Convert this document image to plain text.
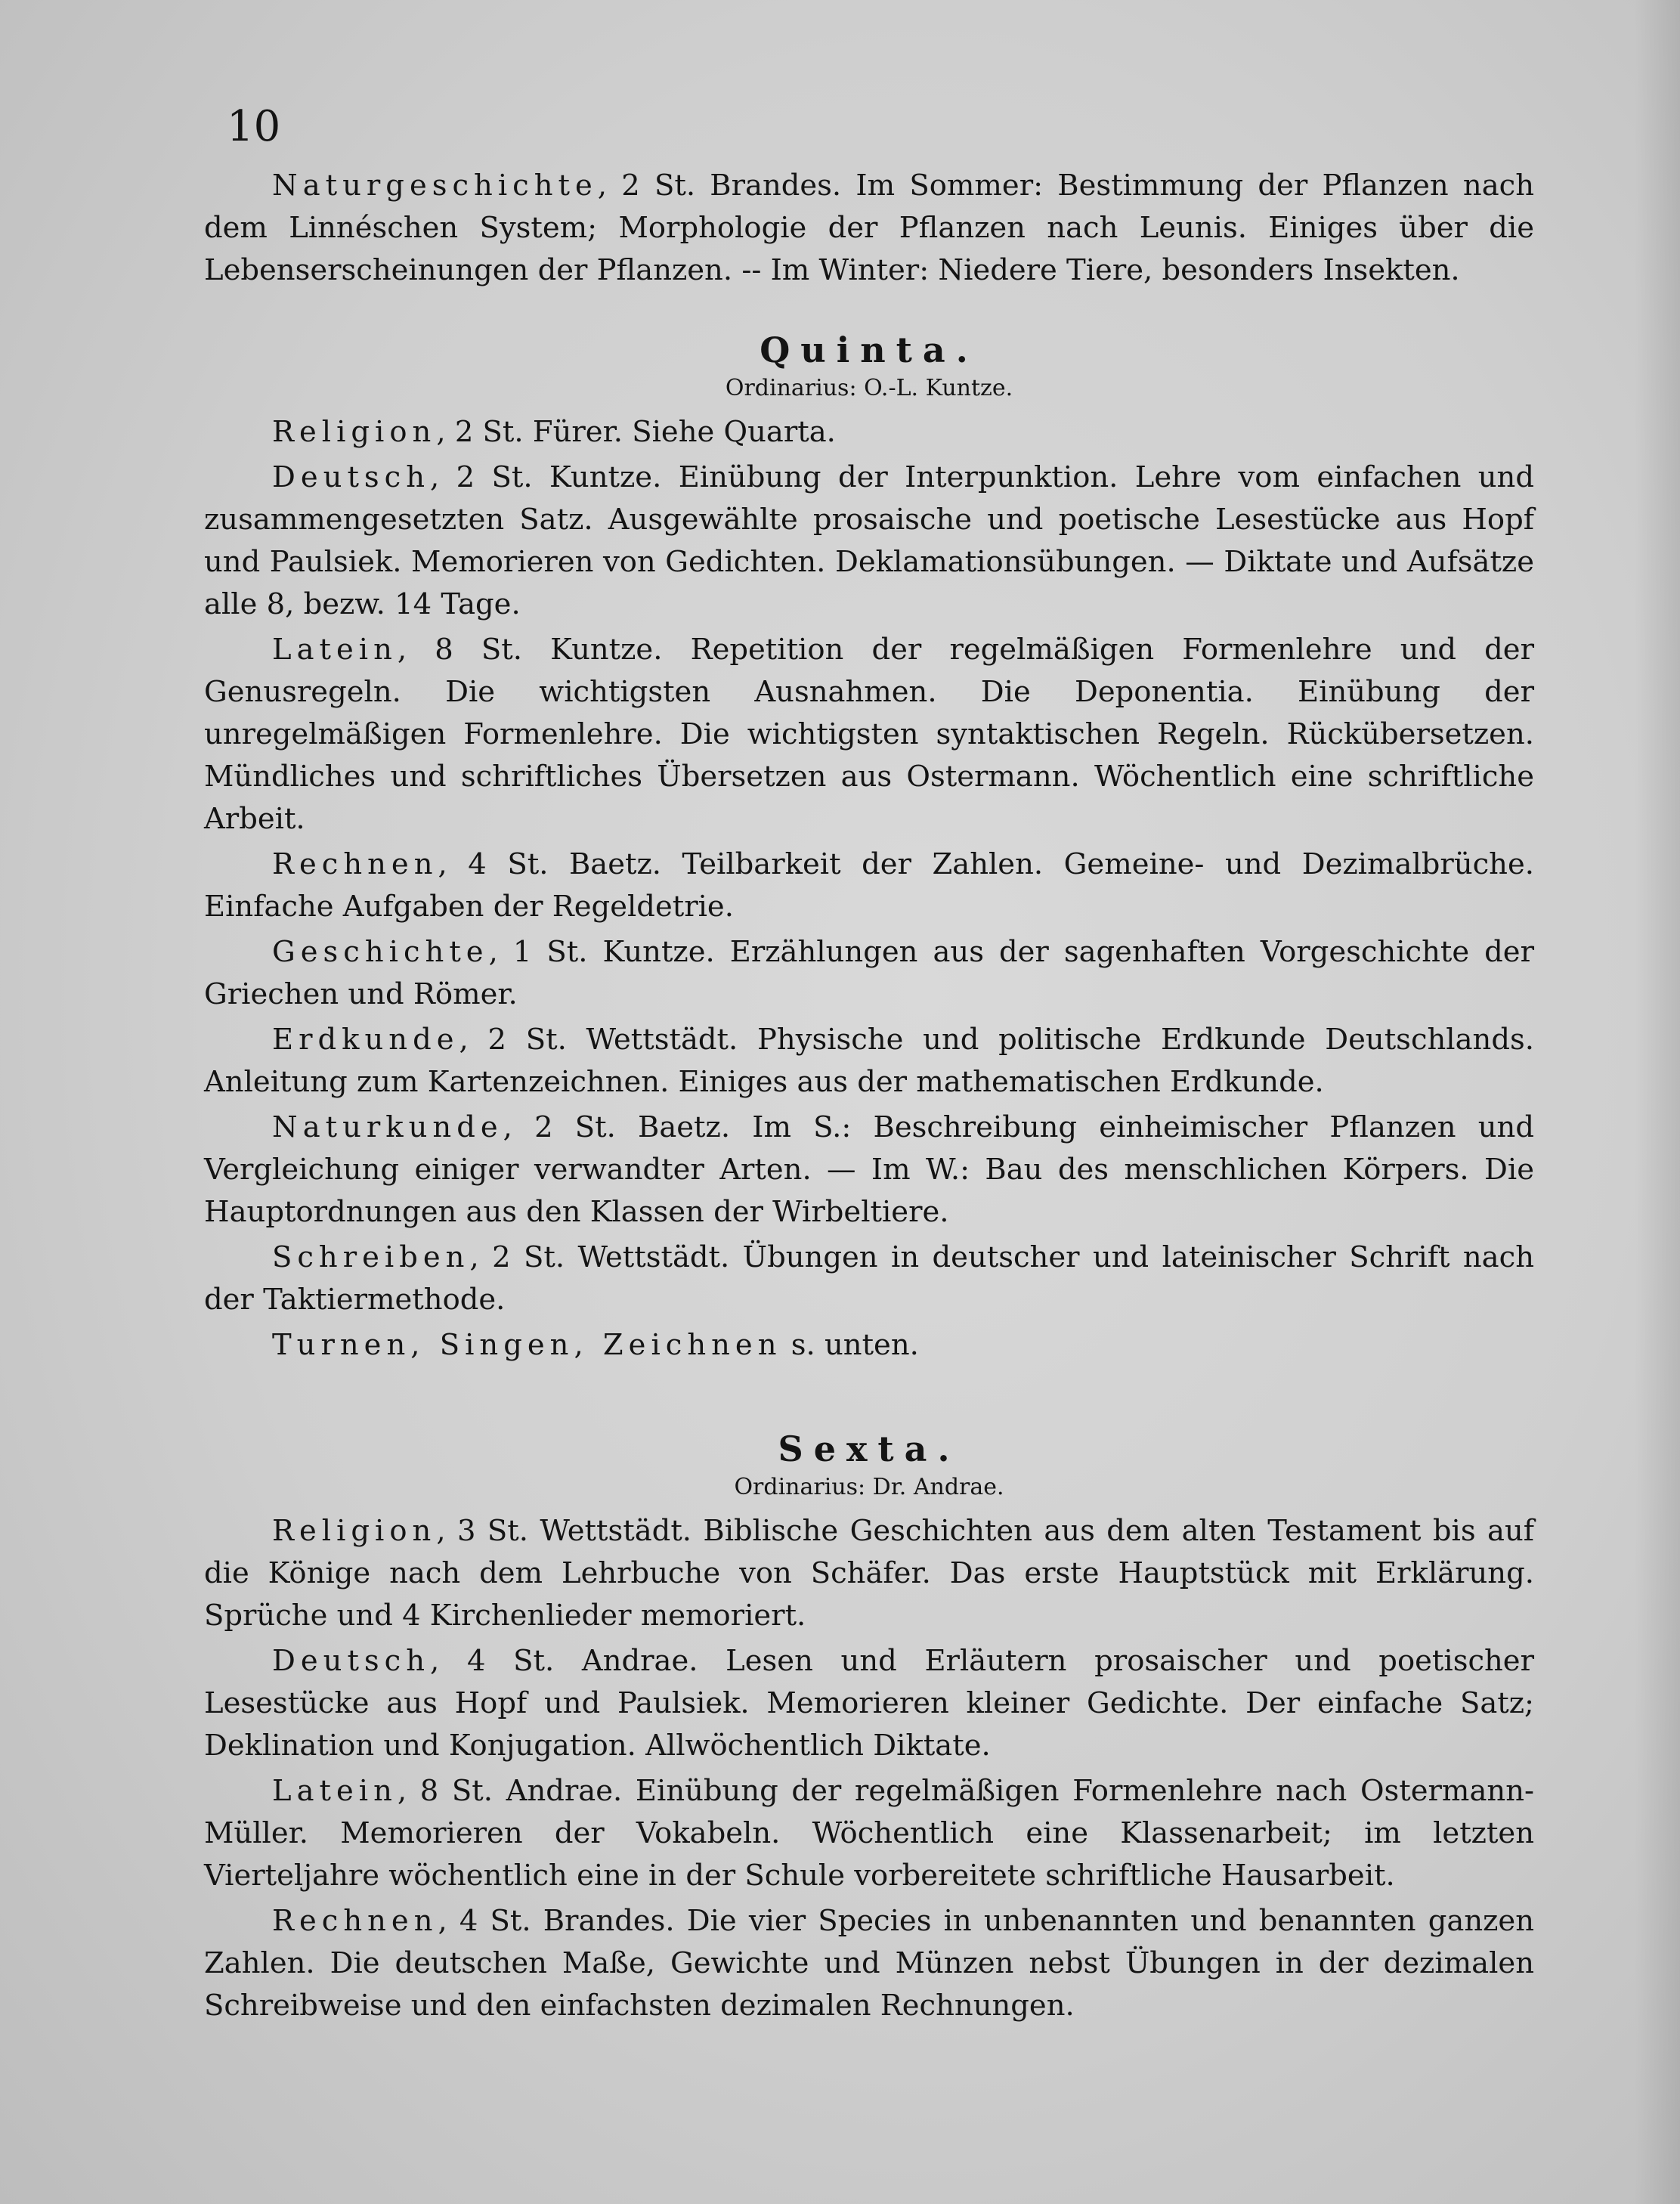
10

Naturgeschichte, 2 St. Brandes. Im Sommer: Bestimmung der Pflanzen nach dem Linnéschen System; Morphologie der Pflanzen nach Leunis. Einiges über die Lebenserscheinungen der Pflanzen. -- Im Winter: Niedere Tiere, besonders Insekten.

Quinta.
Ordinarius: O.-L. Kuntze.

Religion, 2 St. Fürer. Siehe Quarta.

Deutsch, 2 St. Kuntze. Einübung der Interpunktion. Lehre vom einfachen und zusammengesetzten Satz. Ausgewählte prosaische und poetische Lesestücke aus Hopf und Paulsiek. Memorieren von Gedichten. Deklamationsübungen. — Diktate und Aufsätze alle 8, bezw. 14 Tage.

Latein, 8 St. Kuntze. Repetition der regelmäßigen Formenlehre und der Genusregeln. Die wichtigsten Ausnahmen. Die Deponentia. Einübung der unregelmäßigen Formenlehre. Die wichtigsten syntaktischen Regeln. Rückübersetzen. Mündliches und schriftliches Übersetzen aus Ostermann. Wöchentlich eine schriftliche Arbeit.

Rechnen, 4 St. Baetz. Teilbarkeit der Zahlen. Gemeine- und Dezimalbrüche. Einfache Aufgaben der Regeldetrie.

Geschichte, 1 St. Kuntze. Erzählungen aus der sagenhaften Vorgeschichte der Griechen und Römer.

Erdkunde, 2 St. Wettstädt. Physische und politische Erdkunde Deutschlands. Anleitung zum Kartenzeichnen. Einiges aus der mathematischen Erdkunde.

Naturkunde, 2 St. Baetz. Im S.: Beschreibung einheimischer Pflanzen und Vergleichung einiger verwandter Arten. — Im W.: Bau des menschlichen Körpers. Die Hauptordnungen aus den Klassen der Wirbeltiere.

Schreiben, 2 St. Wettstädt. Übungen in deutscher und lateinischer Schrift nach der Taktiermethode.

Turnen, Singen, Zeichnen s. unten.

Sexta.
Ordinarius: Dr. Andrae.

Religion, 3 St. Wettstädt. Biblische Geschichten aus dem alten Testament bis auf die Könige nach dem Lehrbuche von Schäfer. Das erste Hauptstück mit Erklärung. Sprüche und 4 Kirchenlieder memoriert.

Deutsch, 4 St. Andrae. Lesen und Erläutern prosaischer und poetischer Lesestücke aus Hopf und Paulsiek. Memorieren kleiner Gedichte. Der einfache Satz; Deklination und Konjugation. Allwöchentlich Diktate.

Latein, 8 St. Andrae. Einübung der regelmäßigen Formenlehre nach Ostermann-Müller. Memorieren der Vokabeln. Wöchentlich eine Klassenarbeit; im letzten Vierteljahre wöchentlich eine in der Schule vorbereitete schriftliche Hausarbeit.

Rechnen, 4 St. Brandes. Die vier Species in unbenannten und benannten ganzen Zahlen. Die deutschen Maße, Gewichte und Münzen nebst Übungen in der dezimalen Schreibweise und den einfachsten dezimalen Rechnungen.
